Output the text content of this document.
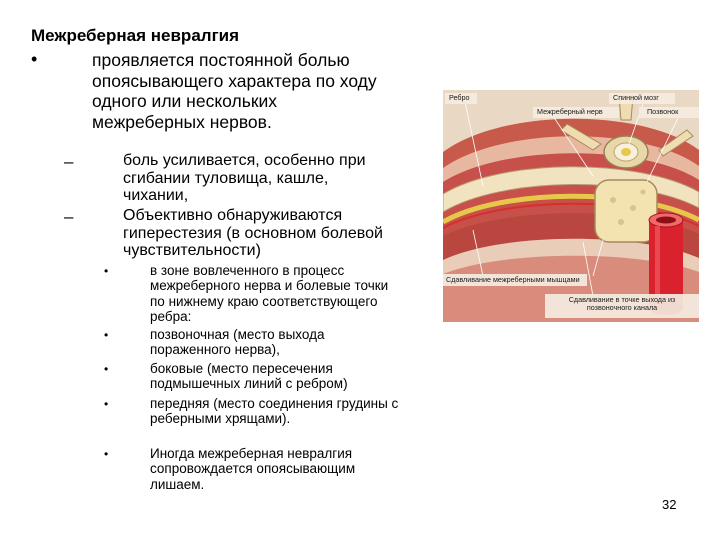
Межреберная невралгия
•	проявляется постоянной болью опоясывающего характера по ходу одного или нескольких межреберных нервов.
–	боль усиливается, особенно при сгибании туловища, кашле, чихании,
–	Объективно обнаруживаются гиперестезия (в основном болевой чувствительности)
•	в зоне вовлеченного в процесс межреберного нерва и болевые точки по нижнему краю соответствующего ребра:
•	позвоночная (место выхода пораженного нерва),
•	боковые (место пересечения подмышечных линий с ребром)
•	передняя (место соединения грудины с реберными хрящами).
•	Иногда межреберная невралгия сопровождается опоясывающим лишаем.
Ребро
Межреберный нерв
Спинной мозг
Позвонок
Сдавливание межреберными мышцами
Сдавливание в точке выхода из позвоночного канала
32
